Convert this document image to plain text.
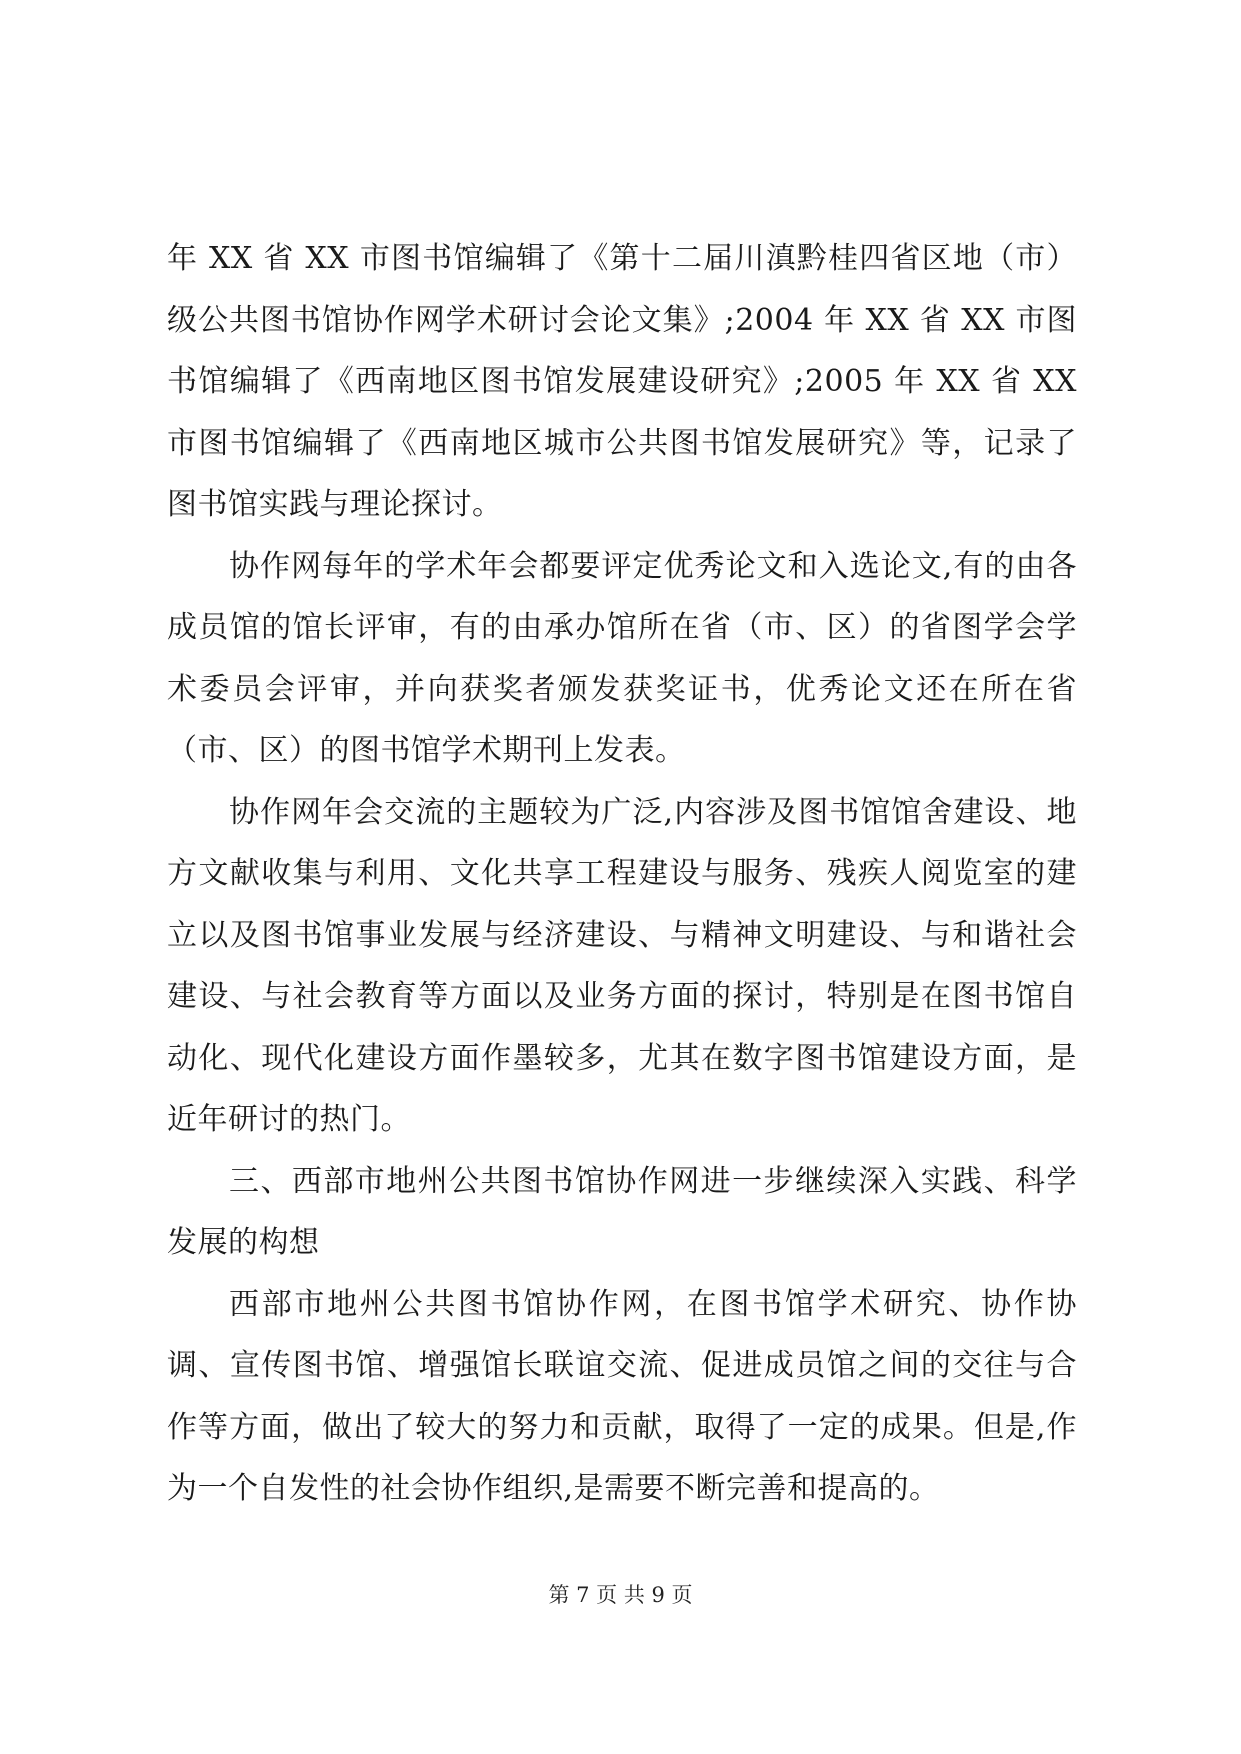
年 XX 省 XX 市图书馆编辑了《第十二届川滇黔桂四省区地（市）级公共图书馆协作网学术研讨会论文集》;2004 年 XX 省 XX 市图书馆编辑了《西南地区图书馆发展建设研究》;2005 年 XX 省 XX 市图书馆编辑了《西南地区城市公共图书馆发展研究》等，记录了图书馆实践与理论探讨。

协作网每年的学术年会都要评定优秀论文和入选论文,有的由各成员馆的馆长评审，有的由承办馆所在省（市、区）的省图学会学术委员会评审，并向获奖者颁发获奖证书，优秀论文还在所在省（市、区）的图书馆学术期刊上发表。

协作网年会交流的主题较为广泛,内容涉及图书馆馆舍建设、地方文献收集与利用、文化共享工程建设与服务、残疾人阅览室的建立以及图书馆事业发展与经济建设、与精神文明建设、与和谐社会建设、与社会教育等方面以及业务方面的探讨，特别是在图书馆自动化、现代化建设方面作墨较多，尤其在数字图书馆建设方面，是近年研讨的热门。

三、西部市地州公共图书馆协作网进一步继续深入实践、科学发展的构想

西部市地州公共图书馆协作网，在图书馆学术研究、协作协调、宣传图书馆、增强馆长联谊交流、促进成员馆之间的交往与合作等方面，做出了较大的努力和贡献，取得了一定的成果。但是,作为一个自发性的社会协作组织,是需要不断完善和提高的。

第 7 页 共 9 页
